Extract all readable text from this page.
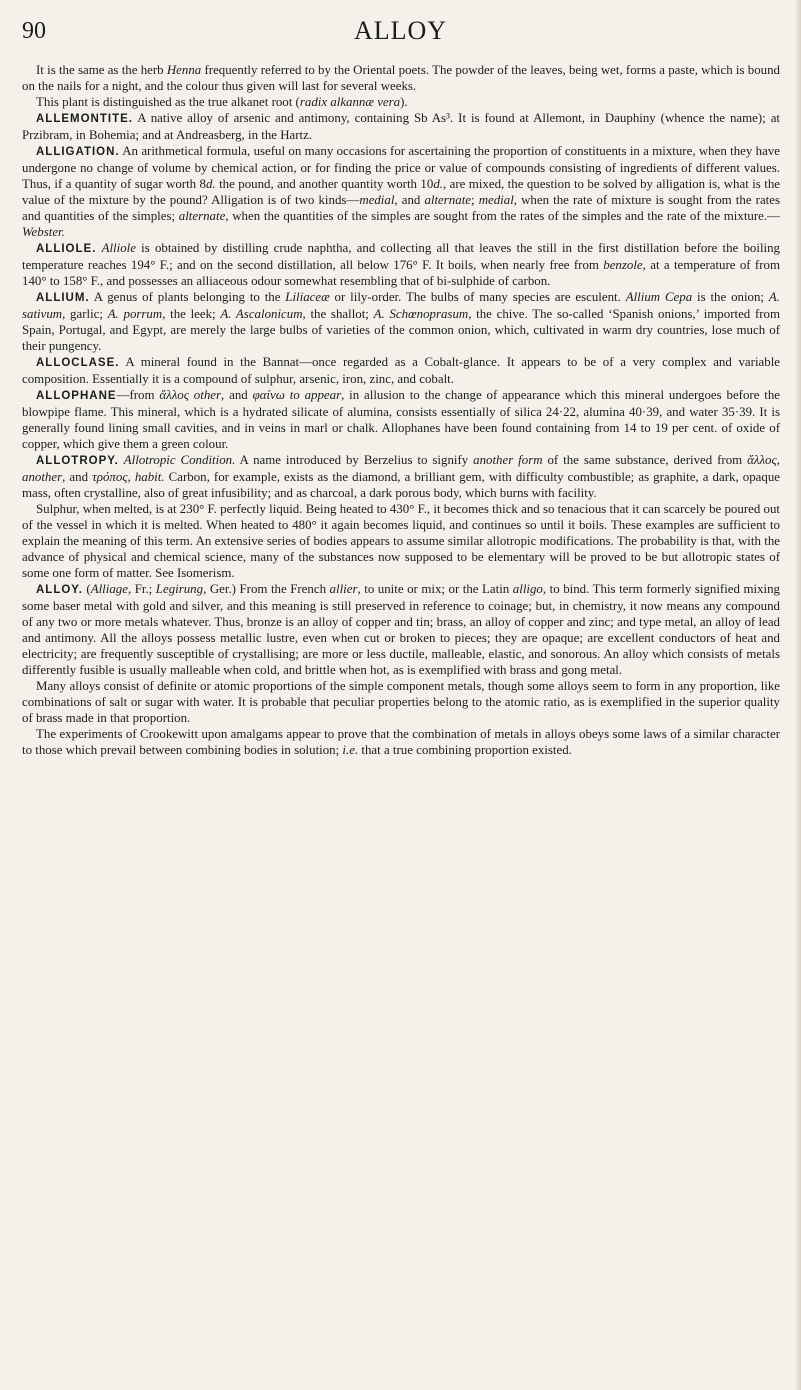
90	ALLOY

It is the same as the herb Henna frequently referred to by the Oriental poets. The powder of the leaves, being wet, forms a paste, which is bound on the nails for a night, and the colour thus given will last for several weeks.

This plant is distinguished as the true alkanet root (radix alkannæ vera).

ALLEMONTITE. A native alloy of arsenic and antimony, containing Sb As³. It is found at Allemont, in Dauphiny (whence the name); at Przibram, in Bohemia; and at Andreasberg, in the Hartz.

ALLIGATION. An arithmetical formula, useful on many occasions for ascertaining the proportion of constituents in a mixture, when they have undergone no change of volume by chemical action, or for finding the price or value of compounds consisting of ingredients of different values. Thus, if a quantity of sugar worth 8d. the pound, and another quantity worth 10d., are mixed, the question to be solved by alligation is, what is the value of the mixture by the pound? Alligation is of two kinds—medial, and alternate; medial, when the rate of mixture is sought from the rates and quantities of the simples; alternate, when the quantities of the simples are sought from the rates of the simples and the rate of the mixture.—Webster.

ALLIOLE. Alliole is obtained by distilling crude naphtha, and collecting all that leaves the still in the first distillation before the boiling temperature reaches 194° F.; and on the second distillation, all below 176° F. It boils, when nearly free from benzole, at a temperature of from 140° to 158° F., and possesses an alliaceous odour somewhat resembling that of bi-sulphide of carbon.

ALLIUM. A genus of plants belonging to the Liliaceæ or lily-order. The bulbs of many species are esculent. Allium Cepa is the onion; A. sativum, garlic; A. porrum, the leek; A. Ascalonicum, the shallot; A. Schœnoprasum, the chive. The so-called ‘Spanish onions,’ imported from Spain, Portugal, and Egypt, are merely the large bulbs of varieties of the common onion, which, cultivated in warm dry countries, lose much of their pungency.

ALLOCLASE. A mineral found in the Bannat—once regarded as a Cobalt-glance. It appears to be of a very complex and variable composition. Essentially it is a compound of sulphur, arsenic, iron, zinc, and cobalt.

ALLOPHANE—from ἄλλος other, and φαίνω to appear, in allusion to the change of appearance which this mineral undergoes before the blowpipe flame. This mineral, which is a hydrated silicate of alumina, consists essentially of silica 24·22, alumina 40·39, and water 35·39. It is generally found lining small cavities, and in veins in marl or chalk. Allophanes have been found containing from 14 to 19 per cent. of oxide of copper, which give them a green colour.

ALLOTROPY. Allotropic Condition. A name introduced by Berzelius to signify another form of the same substance, derived from ἄλλος, another, and τρόπος, habit. Carbon, for example, exists as the diamond, a brilliant gem, with difficulty combustible; as graphite, a dark, opaque mass, often crystalline, also of great infusibility; and as charcoal, a dark porous body, which burns with facility.

Sulphur, when melted, is at 230° F. perfectly liquid. Being heated to 430° F., it becomes thick and so tenacious that it can scarcely be poured out of the vessel in which it is melted. When heated to 480° it again becomes liquid, and continues so until it boils. These examples are sufficient to explain the meaning of this term. An extensive series of bodies appears to assume similar allotropic modifications. The probability is that, with the advance of physical and chemical science, many of the substances now supposed to be elementary will be proved to be but allotropic states of some one form of matter. See Isomerism.

ALLOY. (Alliage, Fr.; Legirung, Ger.) From the French allier, to unite or mix; or the Latin alligo, to bind. This term formerly signified mixing some baser metal with gold and silver, and this meaning is still preserved in reference to coinage; but, in chemistry, it now means any compound of any two or more metals whatever. Thus, bronze is an alloy of copper and tin; brass, an alloy of copper and zinc; and type metal, an alloy of lead and antimony. All the alloys possess metallic lustre, even when cut or broken to pieces; they are opaque; are excellent conductors of heat and electricity; are frequently susceptible of crystallising; are more or less ductile, malleable, elastic, and sonorous. An alloy which consists of metals differently fusible is usually malleable when cold, and brittle when hot, as is exemplified with brass and gong metal.

Many alloys consist of definite or atomic proportions of the simple component metals, though some alloys seem to form in any proportion, like combinations of salt or sugar with water. It is probable that peculiar properties belong to the atomic ratio, as is exemplified in the superior quality of brass made in that proportion.

The experiments of Crookewitt upon amalgams appear to prove that the combination of metals in alloys obeys some laws of a similar character to those which prevail between combining bodies in solution; i.e. that a true combining proportion existed.
